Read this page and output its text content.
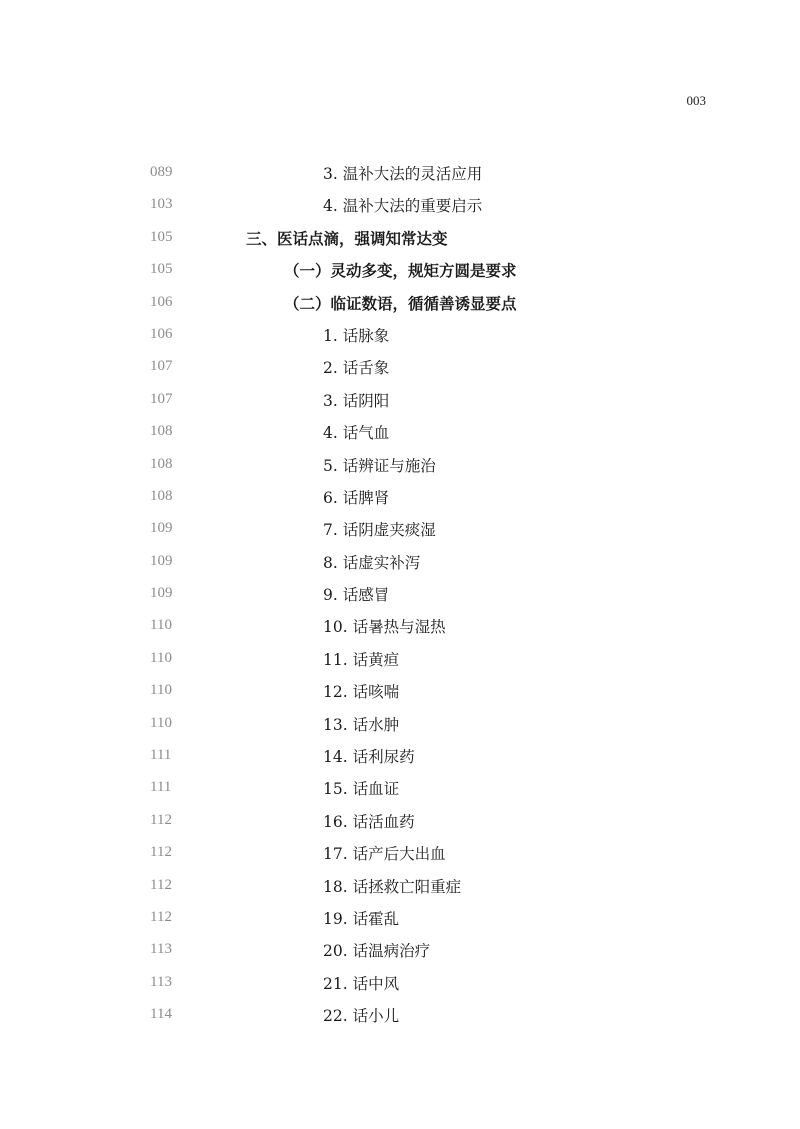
003
089	3. 温补大法的灵活应用
103	4. 温补大法的重要启示
105	三、医话点滴，强调知常达变
105	（一）灵动多变，规矩方圆是要求
106	（二）临证数语，循循善诱显要点
106	1. 话脉象
107	2. 话舌象
107	3. 话阴阳
108	4. 话气血
108	5. 话辨证与施治
108	6. 话脾肾
109	7. 话阴虚夹痰湿
109	8. 话虚实补泻
109	9. 话感冒
110	10. 话暑热与湿热
110	11. 话黄疸
110	12. 话咳喘
110	13. 话水肿
111	14. 话利尿药
111	15. 话血证
112	16. 话活血药
112	17. 话产后大出血
112	18. 话拯救亡阳重症
112	19. 话霍乱
113	20. 话温病治疗
113	21. 话中风
114	22. 话小儿
